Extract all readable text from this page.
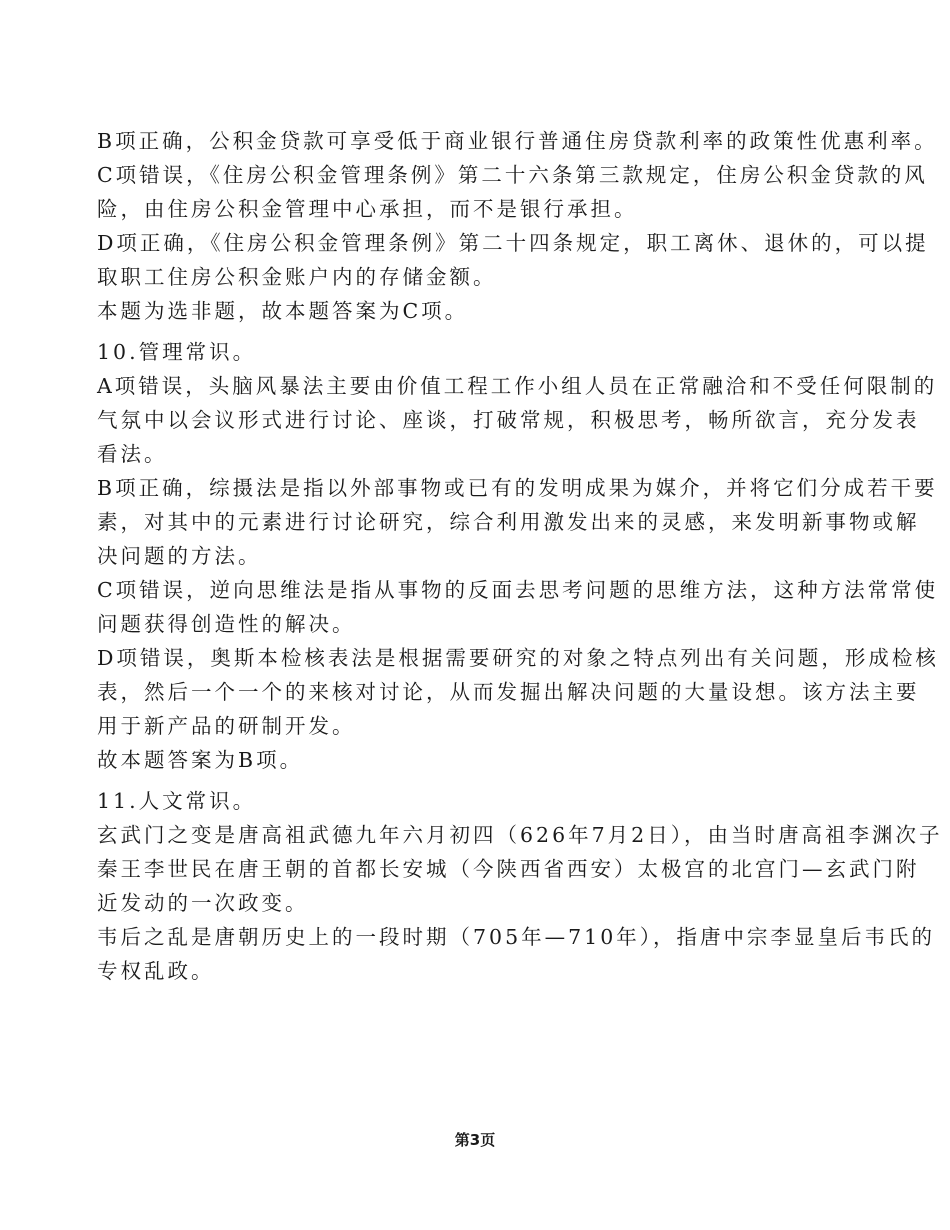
B项正确，公积金贷款可享受低于商业银行普通住房贷款利率的政策性优惠利率。

C项错误，《住房公积金管理条例》第二十六条第三款规定，住房公积金贷款的风

险，由住房公积金管理中心承担，而不是银行承担。

D项正确，《住房公积金管理条例》第二十四条规定，职工离休、退休的，可以提

取职工住房公积金账户内的存储金额。

本题为选非题，故本题答案为C项。

10.管理常识。

A项错误，头脑风暴法主要由价值工程工作小组人员在正常融洽和不受任何限制的

气氛中以会议形式进行讨论、座谈，打破常规，积极思考，畅所欲言，充分发表

看法。

B项正确，综摄法是指以外部事物或已有的发明成果为媒介，并将它们分成若干要

素，对其中的元素进行讨论研究，综合利用激发出来的灵感，来发明新事物或解

决问题的方法。

C项错误，逆向思维法是指从事物的反面去思考问题的思维方法，这种方法常常使

问题获得创造性的解决。

D项错误，奥斯本检核表法是根据需要研究的对象之特点列出有关问题，形成检核

表，然后一个一个的来核对讨论，从而发掘出解决问题的大量设想。该方法主要

用于新产品的研制开发。

故本题答案为B项。

11.人文常识。

玄武门之变是唐高祖武德九年六月初四（626年7月2日），由当时唐高祖李渊次子

秦王李世民在唐王朝的首都长安城（今陕西省西安）太极宫的北宫门—玄武门附

近发动的一次政变。

韦后之乱是唐朝历史上的一段时期（705年—710年），指唐中宗李显皇后韦氏的

专权乱政。

第3页
